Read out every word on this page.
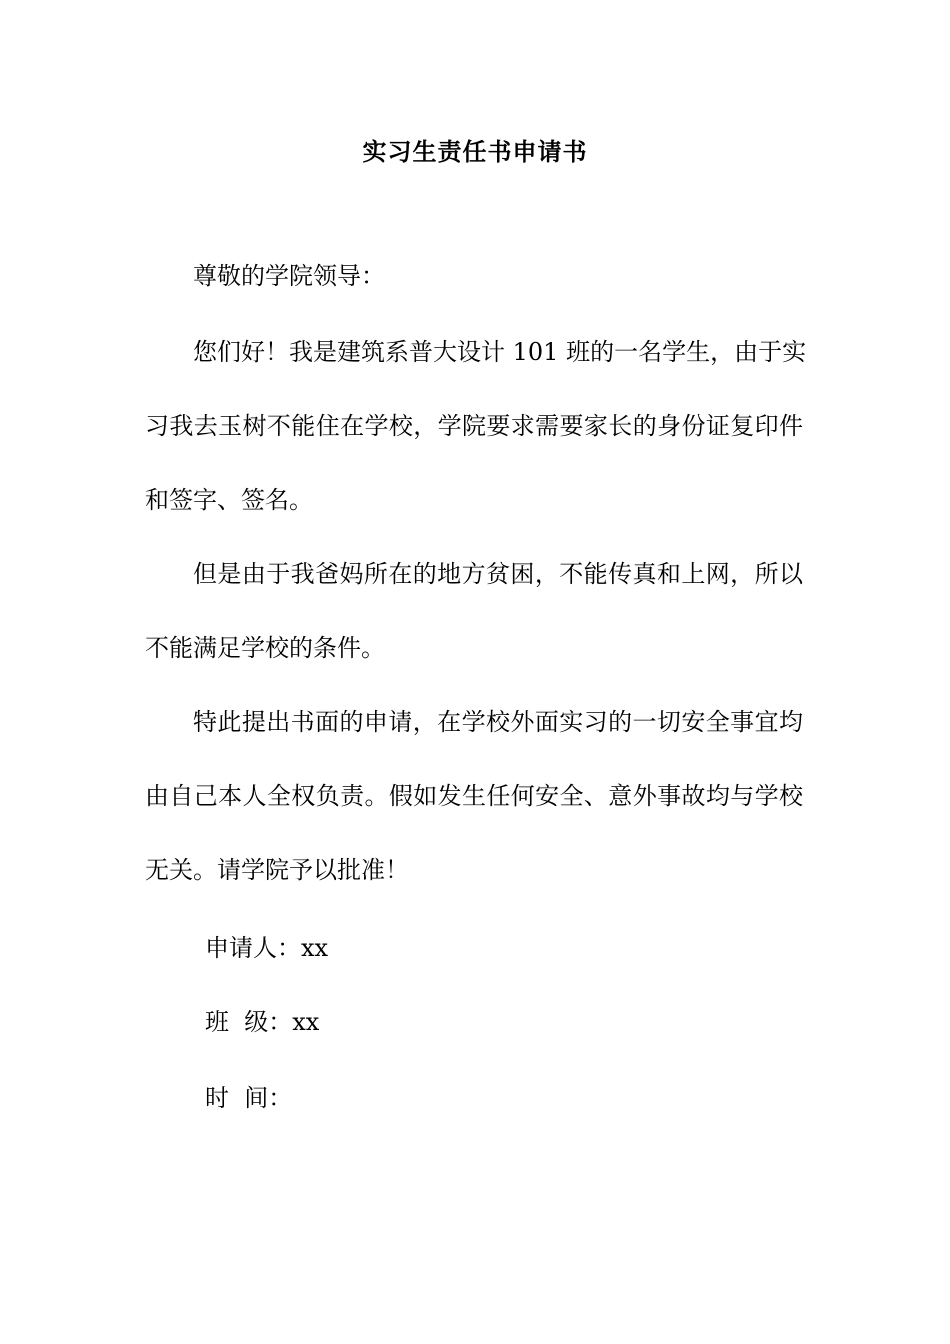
实习生责任书申请书
尊敬的学院领导：
您们好！我是建筑系普大设计 101 班的一名学生，由于实
习我去玉树不能住在学校，学院要求需要家长的身份证复印件
和签字、签名。
但是由于我爸妈所在的地方贫困，不能传真和上网，所以
不能满足学校的条件。
特此提出书面的申请，在学校外面实习的一切安全事宜均
由自己本人全权负责。假如发生任何安全、意外事故均与学校
无关。请学院予以批准！
申请人：xx
班  级：xx
时  间：
